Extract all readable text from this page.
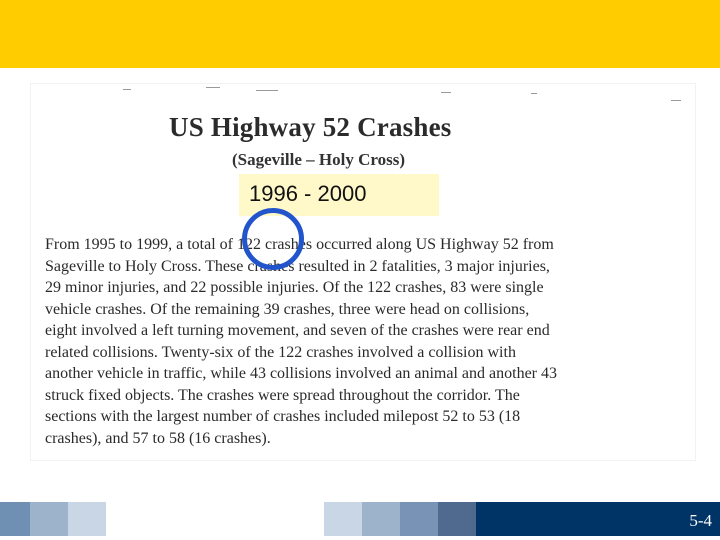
US Highway 52 Crashes
(Sageville – Holy Cross)
1996 - 2000
From 1995 to 1999, a total of 122 crashes occurred along US Highway 52 from
Sageville to Holy Cross. These crashes resulted in 2 fatalities, 3 major injuries,
29 minor injuries, and 22 possible injuries. Of the 122 crashes, 83 were single
vehicle crashes. Of the remaining 39 crashes, three were head on collisions,
eight involved a left turning movement, and seven of the crashes were rear end
related collisions. Twenty-six of the 122 crashes involved a collision with
another vehicle in traffic, while 43 collisions involved an animal and another 43
struck fixed objects. The crashes were spread throughout the corridor. The
sections with the largest number of crashes included milepost 52 to 53 (18
crashes), and 57 to 58 (16 crashes).
5-4
